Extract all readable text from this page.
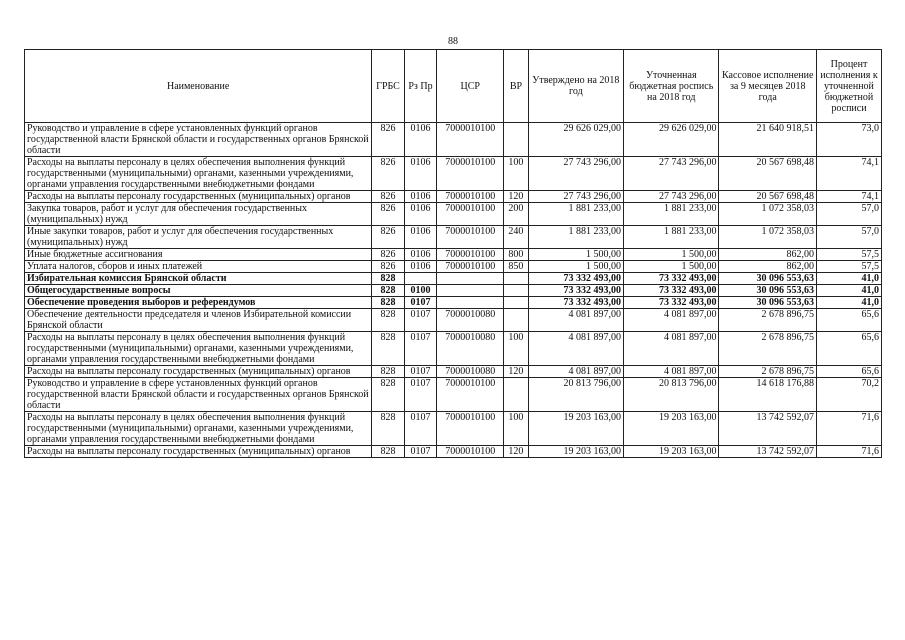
88
Наименование	ГРБС	Рз Пр	ЦСР	ВР	Утверждено на 2018 год	Уточненная бюджетная роспись на 2018 год	Кассовое исполнение за 9 месяцев 2018 года	Процент исполнения к уточненной бюджетной росписи
Руководство и управление в сфере установленных функций органов государственной власти Брянской области и государственных органов Брянской области	826	0106	7000010100		29 626 029,00	29 626 029,00	21 640 918,51	73,0
Расходы на выплаты персоналу в целях обеспечения выполнения функций государственными (муниципальными) органами, казенными учреждениями, органами управления государственными внебюджетными фондами	826	0106	7000010100	100	27 743 296,00	27 743 296,00	20 567 698,48	74,1
Расходы на выплаты персоналу государственных (муниципальных) органов	826	0106	7000010100	120	27 743 296,00	27 743 296,00	20 567 698,48	74,1
Закупка товаров, работ и услуг для обеспечения государственных (муниципальных) нужд	826	0106	7000010100	200	1 881 233,00	1 881 233,00	1 072 358,03	57,0
Иные закупки товаров, работ и услуг для обеспечения государственных (муниципальных) нужд	826	0106	7000010100	240	1 881 233,00	1 881 233,00	1 072 358,03	57,0
Иные бюджетные ассигнования	826	0106	7000010100	800	1 500,00	1 500,00	862,00	57,5
Уплата налогов, сборов и иных платежей	826	0106	7000010100	850	1 500,00	1 500,00	862,00	57,5
Избирательная комиссия Брянской области	828				73 332 493,00	73 332 493,00	30 096 553,63	41,0
Общегосударственные вопросы	828	0100			73 332 493,00	73 332 493,00	30 096 553,63	41,0
Обеспечение проведения выборов и референдумов	828	0107			73 332 493,00	73 332 493,00	30 096 553,63	41,0
Обеспечение деятельности председателя и членов Избирательной комиссии Брянской области	828	0107	7000010080		4 081 897,00	4 081 897,00	2 678 896,75	65,6
Расходы на выплаты персоналу в целях обеспечения выполнения функций государственными (муниципальными) органами, казенными учреждениями, органами управления государственными внебюджетными фондами	828	0107	7000010080	100	4 081 897,00	4 081 897,00	2 678 896,75	65,6
Расходы на выплаты персоналу государственных (муниципальных) органов	828	0107	7000010080	120	4 081 897,00	4 081 897,00	2 678 896,75	65,6
Руководство и управление в сфере установленных функций органов государственной власти Брянской области и государственных органов Брянской области	828	0107	7000010100		20 813 796,00	20 813 796,00	14 618 176,88	70,2
Расходы на выплаты персоналу в целях обеспечения выполнения функций государственными (муниципальными) органами, казенными учреждениями, органами управления государственными внебюджетными фондами	828	0107	7000010100	100	19 203 163,00	19 203 163,00	13 742 592,07	71,6
Расходы на выплаты персоналу государственных (муниципальных) органов	828	0107	7000010100	120	19 203 163,00	19 203 163,00	13 742 592,07	71,6
